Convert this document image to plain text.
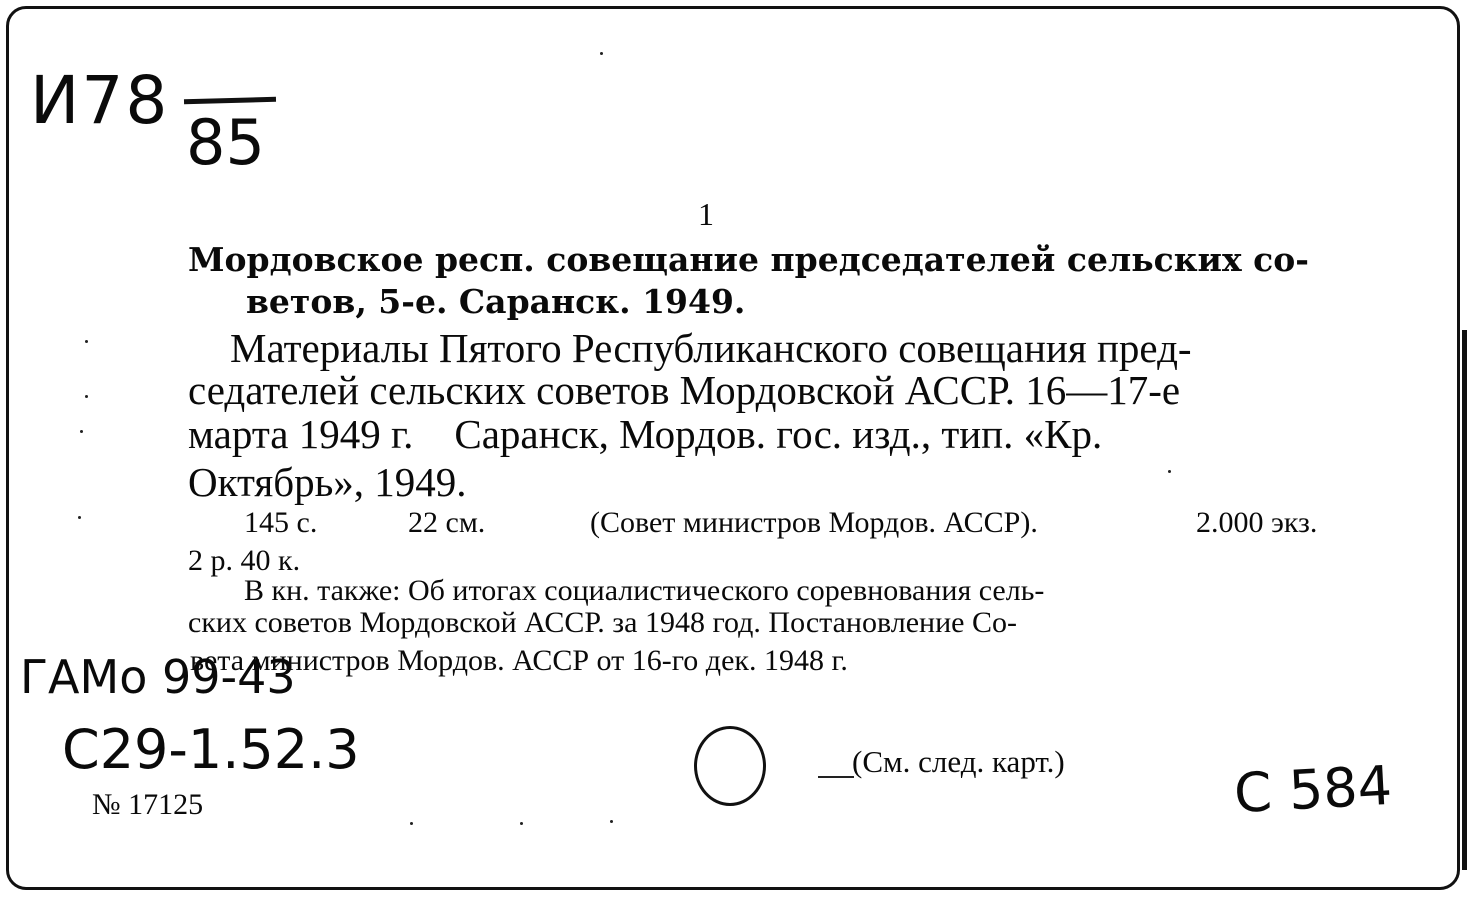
И78
85
1
Мордовское респ. совещание председателей сельских со-
ветов, 5-е. Саранск. 1949.
Материалы Пятого Республиканского совещания пред-
седателей сельских советов Мордовской АССР. 16—17-е
марта 1949 г.    Саранск, Мордов. гос. изд., тип. «Кр.
Октябрь», 1949.
145 с.	22 см.	(Совет министров Мордов. АССР).	2.000 экз.
2 р. 40 к.
В кн. также: Об итогах социалистического соревнования сель-
ских советов Мордовской АССР. за 1948 год. Постановление Со-
вета министров Мордов. АССР от 16-го дек. 1948 г.
ГАМо 99-43
С29-1.52.3
С 584
№ 17125
(См. след. карт.)
